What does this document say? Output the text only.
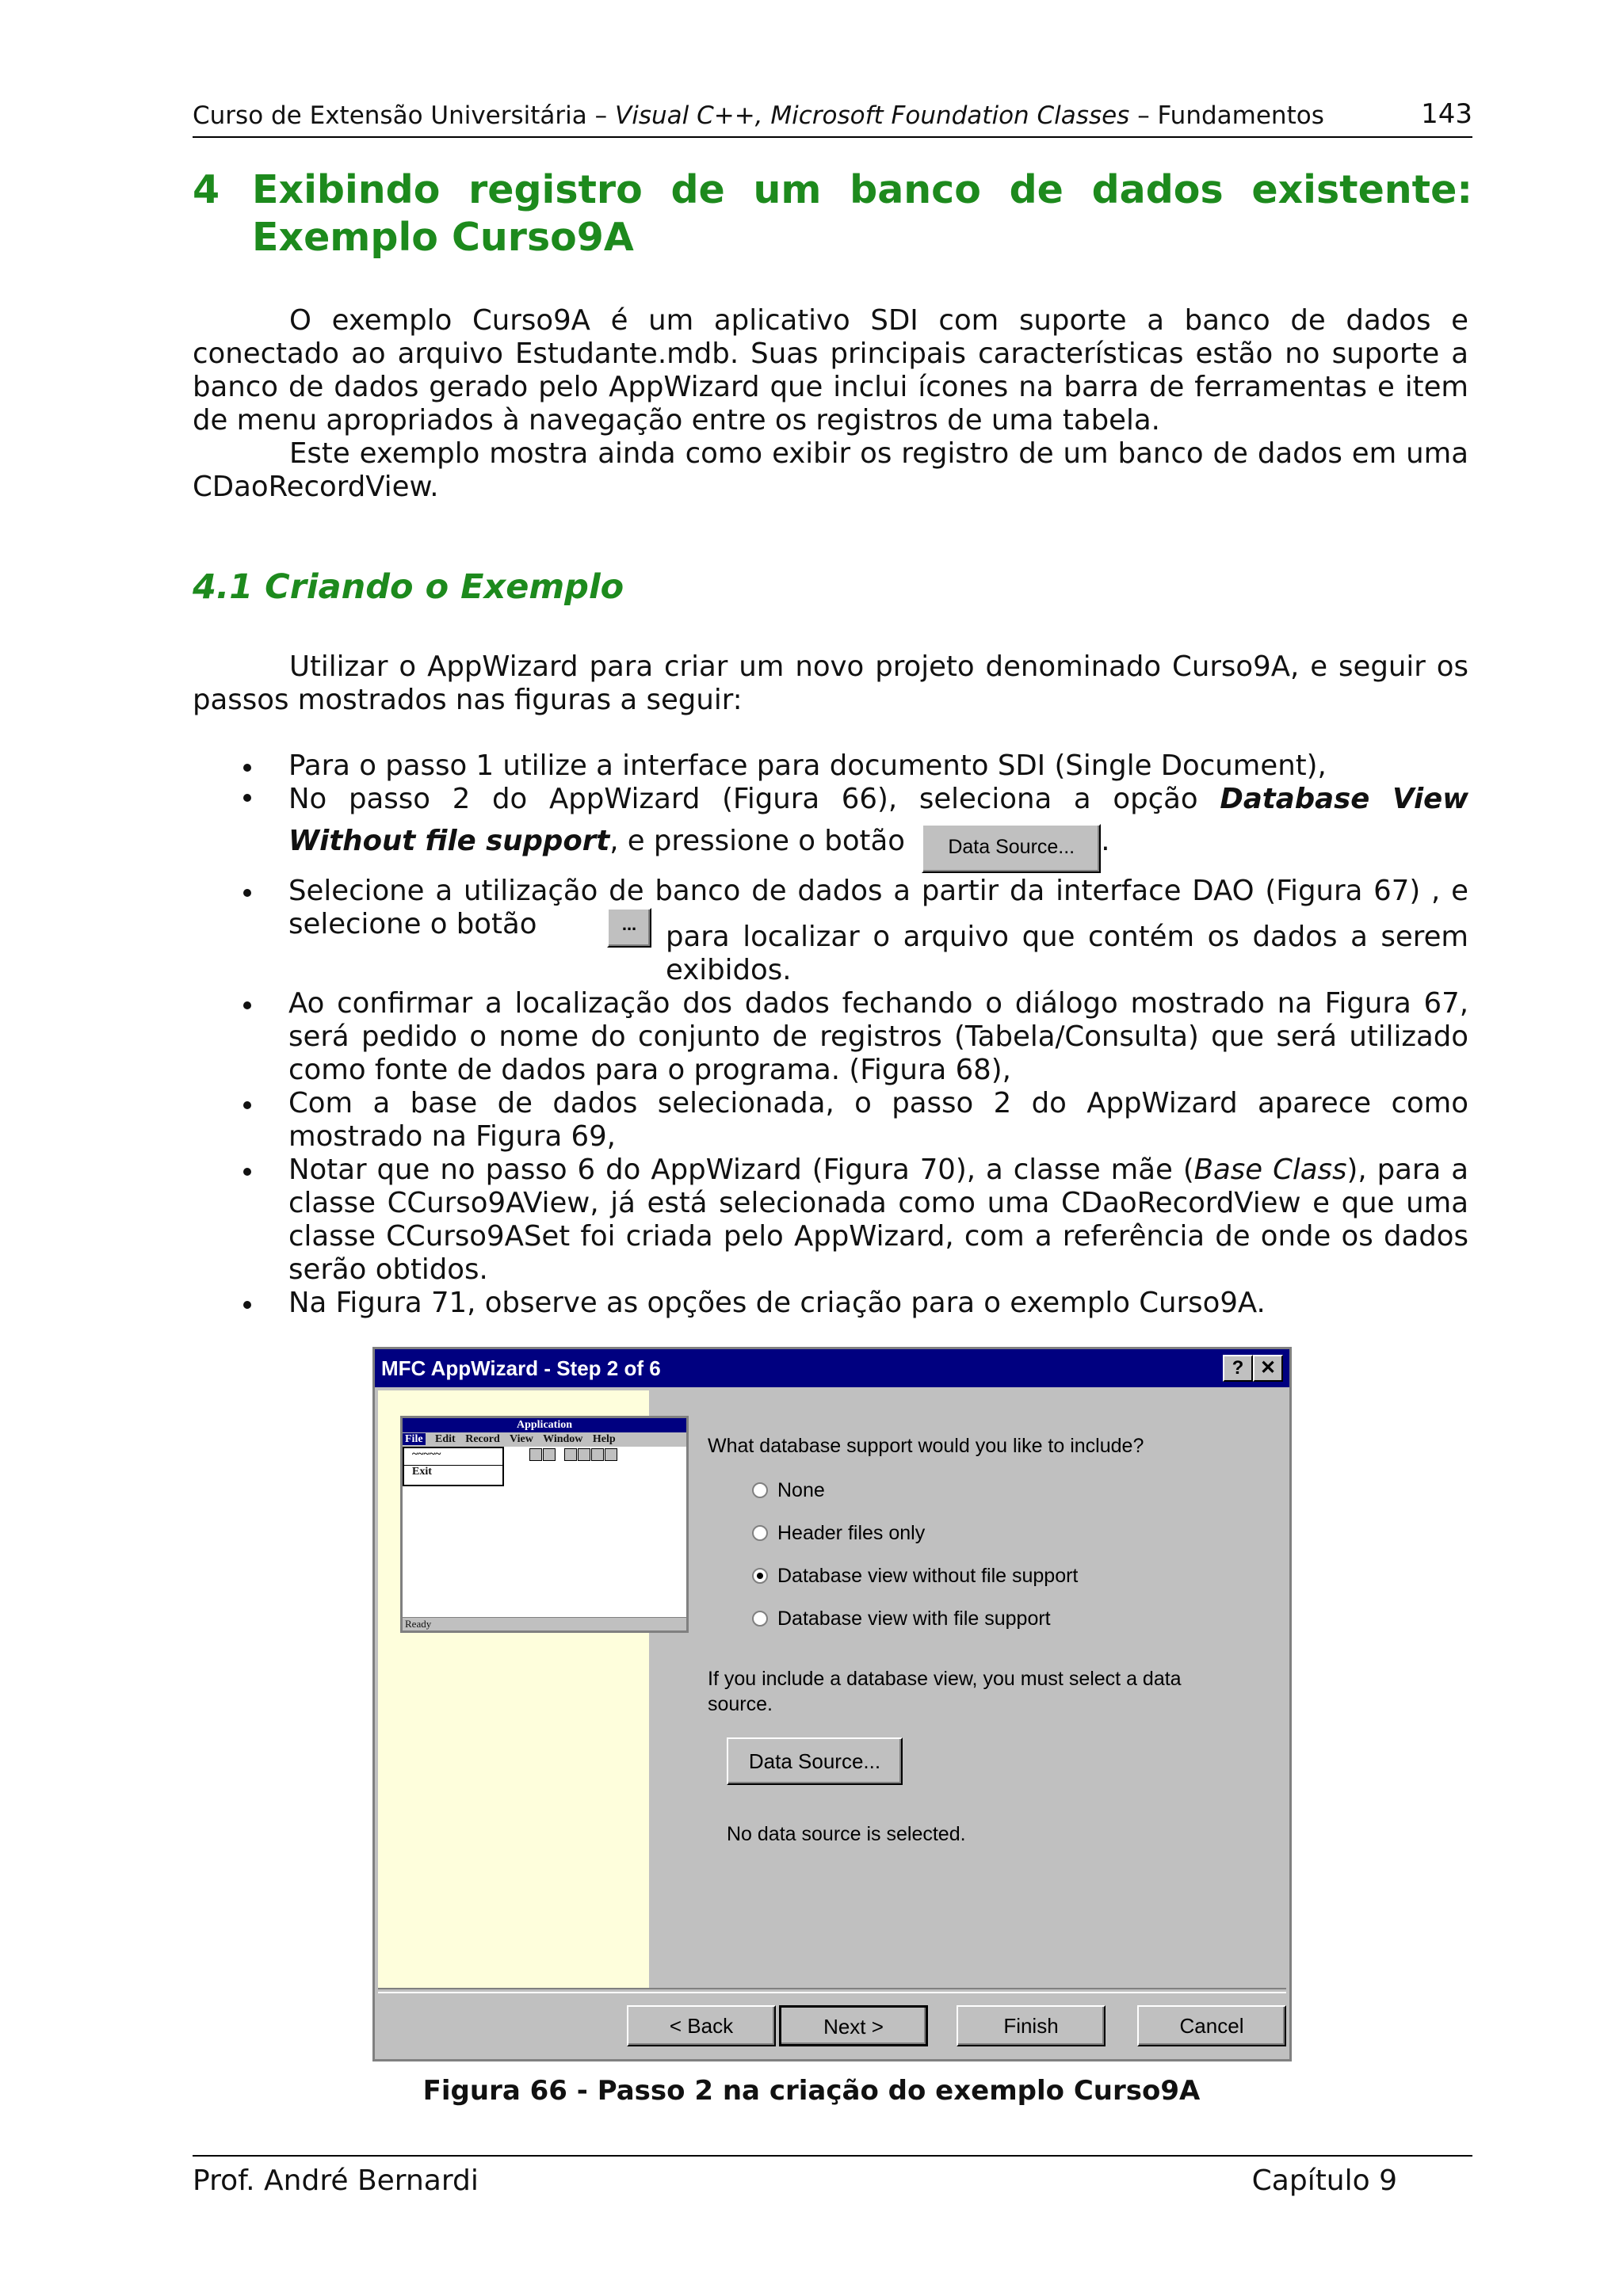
Curso de Extensão Universitária – Visual C++, Microsoft Foundation Classes – Fundamentos	143
4 Exibindo registro de um banco de dados existente:
Exemplo Curso9A
O exemplo Curso9A é um aplicativo SDI com suporte a banco de dados e conectado ao arquivo Estudante.mdb. Suas principais características estão no suporte a banco de dados gerado pelo AppWizard que inclui ícones na barra de ferramentas e item de menu apropriados à navegação entre os registros de uma tabela.
Este exemplo mostra ainda como exibir os registro de um banco de dados em uma CDaoRecordView.
4.1 Criando o Exemplo
Utilizar o AppWizard para criar um novo projeto denominado Curso9A, e seguir os passos mostrados nas figuras a seguir:
Para o passo 1 utilize a interface para documento SDI (Single Document),
No passo 2 do AppWizard (Figura 66), seleciona a opção Database View
Without file support, e pressione o botão Data Source... .
Selecione a utilização de banco de dados a partir da interface DAO (Figura 67) , e selecione o botão	...	para localizar o arquivo que contém os dados a serem exibidos.
Ao confirmar a localização dos dados fechando o diálogo mostrado na Figura 67, será pedido o nome do conjunto de registros (Tabela/Consulta) que será utilizado como fonte de dados para o programa. (Figura 68),
Com a base de dados selecionada, o passo 2 do AppWizard aparece como mostrado na Figura 69,
Notar que no passo 6 do AppWizard (Figura 70), a classe mãe (Base Class), para a classe CCurso9AView, já está selecionada como uma CDaoRecordView e que uma classe CCurso9ASet foi criada pelo AppWizard, com a referência de onde os dados serão obtidos.
Na Figura 71, observe as opções de criação para o exemplo Curso9A.
MFC AppWizard - Step 2 of 6	? ✕
Application
File Edit Record View Window Help
~~~~~
Exit

Ready
What database support would you like to include?
None
Header files only
Database view without file support
Database view with file support
If you include a database view, you must select a data source.
Data Source...
No data source is selected.
< Back	Next >	Finish	Cancel
Figura 66 - Passo 2 na criação do exemplo Curso9A
Prof. André Bernardi	Capítulo 9
